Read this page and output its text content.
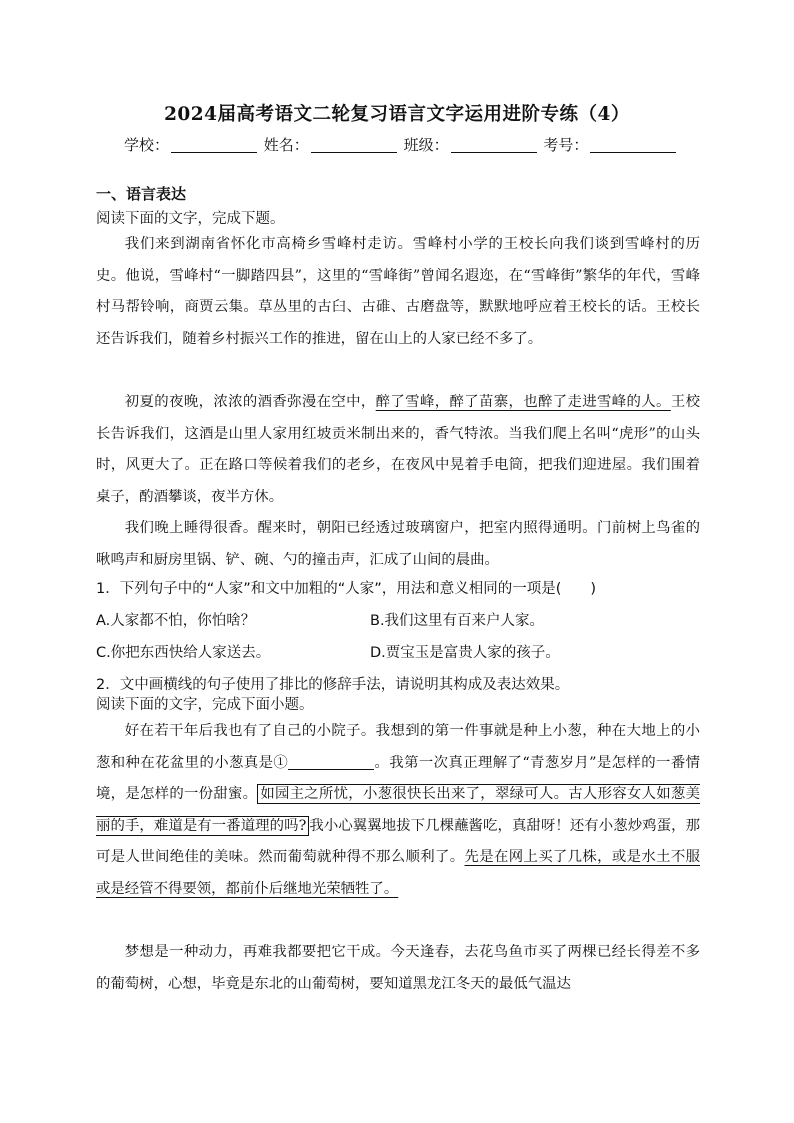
2024届高考语文二轮复习语言文字运用进阶专练（4）
学校：	姓名：	班级：	考号：
一、语言表达
阅读下面的文字，完成下题。
我们来到湖南省怀化市高椅乡雪峰村走访。雪峰村小学的王校长向我们谈到雪峰村的历史。他说，雪峰村“一脚踏四县”，这里的“雪峰街”曾闻名遐迩，在“雪峰街”繁华的年代，雪峰村马帮铃响，商贾云集。草丛里的古臼、古碓、古磨盘等，默默地呼应着王校长的话。王校长还告诉我们，随着乡村振兴工作的推进，留在山上的人家已经不多了。
初夏的夜晚，浓浓的酒香弥漫在空中，醉了雪峰，醉了苗寨，也醉了走进雪峰的人。王校长告诉我们，这酒是山里人家用红坡贡米制出来的，香气特浓。当我们爬上名叫“虎形”的山头时，风更大了。正在路口等候着我们的老乡，在夜风中晃着手电筒，把我们迎进屋。我们围着桌子，酌酒攀谈，夜半方休。
我们晚上睡得很香。醒来时，朝阳已经透过玻璃窗户，把室内照得通明。门前树上鸟雀的啾鸣声和厨房里锅、铲、碗、勺的撞击声，汇成了山间的晨曲。
1．下列句子中的“人家”和文中加粗的“人家”，用法和意义相同的一项是(　　)
A.人家都不怕，你怕啥？	B.我们这里有百来户人家。
C.你把东西快给人家送去。	D.贾宝玉是富贵人家的孩子。
2．文中画横线的句子使用了排比的修辞手法，请说明其构成及表达效果。
阅读下面的文字，完成下面小题。
好在若干年后我也有了自己的小院子。我想到的第一件事就是种上小葱，种在大地上的小葱和种在花盆里的小葱真是①	。我第一次真正理解了“青葱岁月”是怎样的一番情境，是怎样的一份甜蜜。 如园主之所忧，小葱很快长出来了，翠绿可人。古人形容女人如葱美丽的手，难道是有一番道理的吗? 我小心翼翼地拔下几棵蘸酱吃，真甜呀！还有小葱炒鸡蛋，那可是人世间绝佳的美味。然而葡萄就种得不那么顺利了。先是在网上买了几株，或是水土不服或是经管不得要领，都前仆后继地光荣牺牲了。
梦想是一种动力，再难我都要把它干成。今天逢春，去花鸟鱼市买了两棵已经长得差不多的葡萄树，心想，毕竟是东北的山葡萄树，要知道黑龙江冬天的最低气温达
